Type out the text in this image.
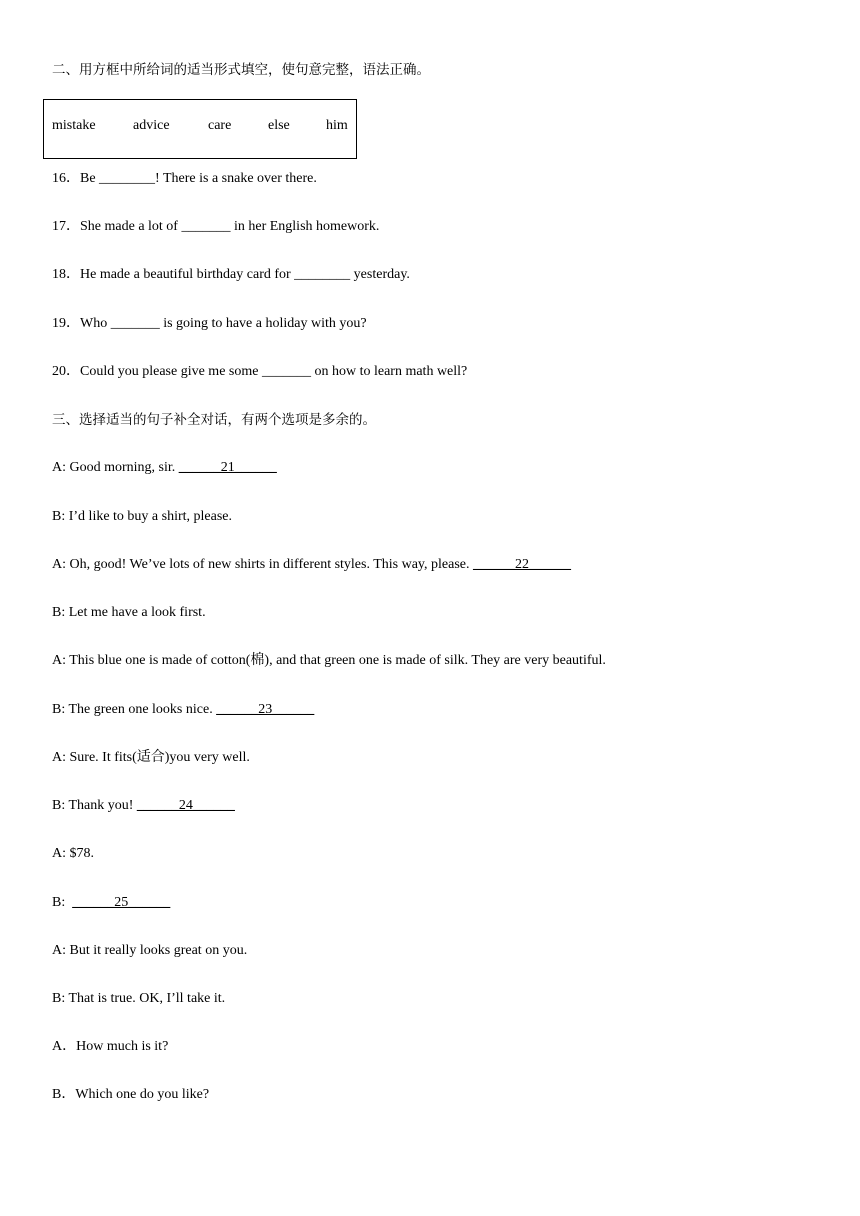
二、用方框中所给词的适当形式填空，使句意完整，语法正确。
mistake	advice	care	else	him
16．Be ________! There is a snake over there.
17．She made a lot of _______ in her English homework.
18．He made a beautiful birthday card for ________ yesterday.
19．Who _______ is going to have a holiday with you?
20．Could you please give me some _______ on how to learn math well?
三、选择适当的句子补全对话，有两个选项是多余的。
A: Good morning, sir. ______21______
B: I’d like to buy a shirt, please.
A: Oh, good! We’ve lots of new shirts in different styles. This way, please. ______22______
B: Let me have a look first.
A: This blue one is made of cotton(棉), and that green one is made of silk. They are very beautiful.
B: The green one looks nice. ______23______
A: Sure. It fits(适合)you very well.
B: Thank you! ______24______
A: $78.
B:  ______25______
A: But it really looks great on you.
B: That is true. OK, I’ll take it.
A．How much is it?
B．Which one do you like?
